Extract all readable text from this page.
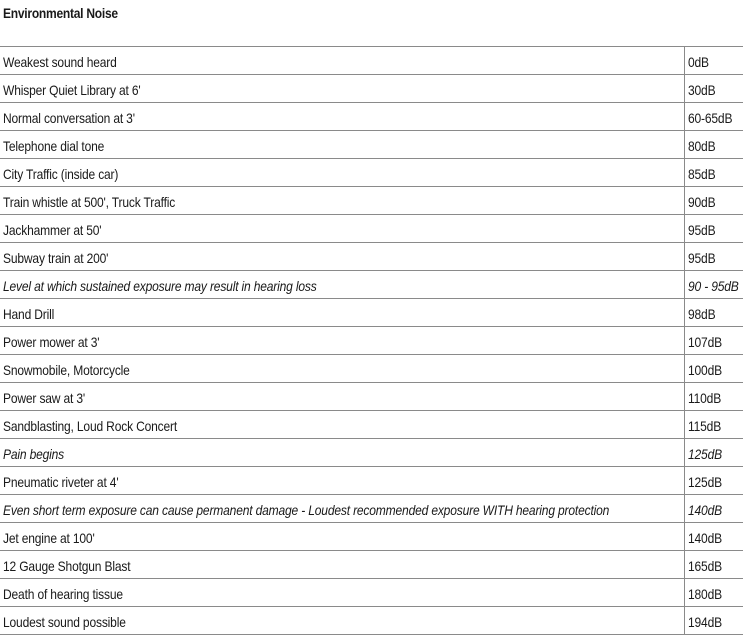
Environmental Noise
Weakest sound heard	0dB
Whisper Quiet Library at 6'	30dB
Normal conversation at 3'	60-65dB
Telephone dial tone	80dB
City Traffic (inside car)	85dB
Train whistle at 500', Truck Traffic	90dB
Jackhammer at 50'	95dB
Subway train at 200'	95dB
Level at which sustained exposure may result in hearing loss	90 - 95dB
Hand Drill	98dB
Power mower at 3'	107dB
Snowmobile, Motorcycle	100dB
Power saw at 3'	110dB
Sandblasting, Loud Rock Concert	115dB
Pain begins	125dB
Pneumatic riveter at 4'	125dB
Even short term exposure can cause permanent damage - Loudest recommended exposure WITH hearing protection	140dB
Jet engine at 100'	140dB
12 Gauge Shotgun Blast	165dB
Death of hearing tissue	180dB
Loudest sound possible	194dB
